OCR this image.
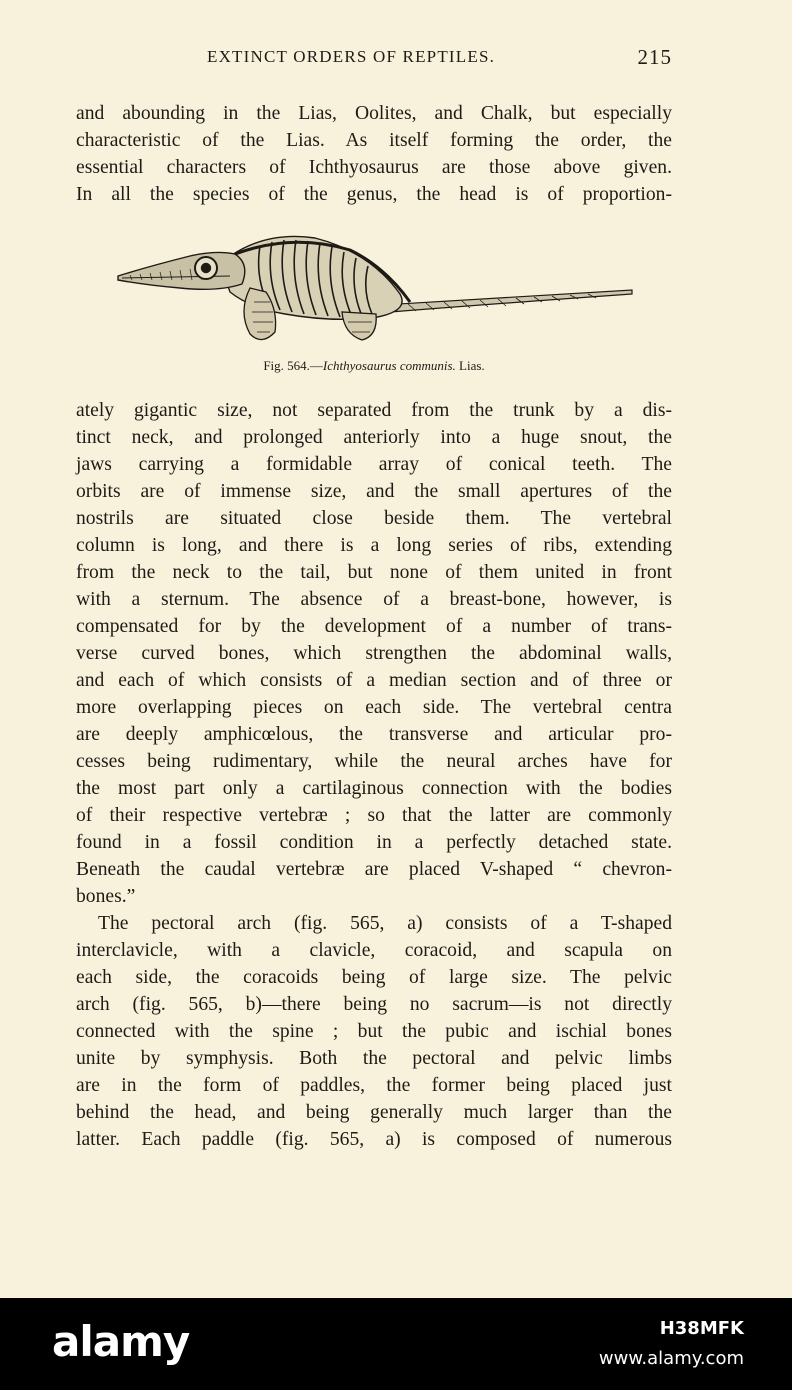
EXTINCT ORDERS OF REPTILES.	215
and abounding in the Lias, Oolites, and Chalk, but especially
characteristic of the Lias. As itself forming the order, the
essential characters of Ichthyosaurus are those above given.
In all the species of the genus, the head is of proportion-
Fig. 564.—Ichthyosaurus communis. Lias.
ately gigantic size, not separated from the trunk by a dis-
tinct neck, and prolonged anteriorly into a huge snout, the
jaws carrying a formidable array of conical teeth. The
orbits are of immense size, and the small apertures of the
nostrils are situated close beside them. The vertebral
column is long, and there is a long series of ribs, extending
from the neck to the tail, but none of them united in front
with a sternum. The absence of a breast-bone, however, is
compensated for by the development of a number of trans-
verse curved bones, which strengthen the abdominal walls,
and each of which consists of a median section and of three or
more overlapping pieces on each side. The vertebral centra
are deeply amphicœlous, the transverse and articular pro-
cesses being rudimentary, while the neural arches have for
the most part only a cartilaginous connection with the bodies
of their respective vertebræ ; so that the latter are commonly
found in a fossil condition in a perfectly detached state.
Beneath the caudal vertebræ are placed V-shaped “ chevron-
bones.”
The pectoral arch (fig. 565, a) consists of a T-shaped
interclavicle, with a clavicle, coracoid, and scapula on
each side, the coracoids being of large size. The pelvic
arch (fig. 565, b)—there being no sacrum—is not directly
connected with the spine ; but the pubic and ischial bones
unite by symphysis. Both the pectoral and pelvic limbs
are in the form of paddles, the former being placed just
behind the head, and being generally much larger than the
latter. Each paddle (fig. 565, a) is composed of numerous
alamy	H38MFK
www.alamy.com
